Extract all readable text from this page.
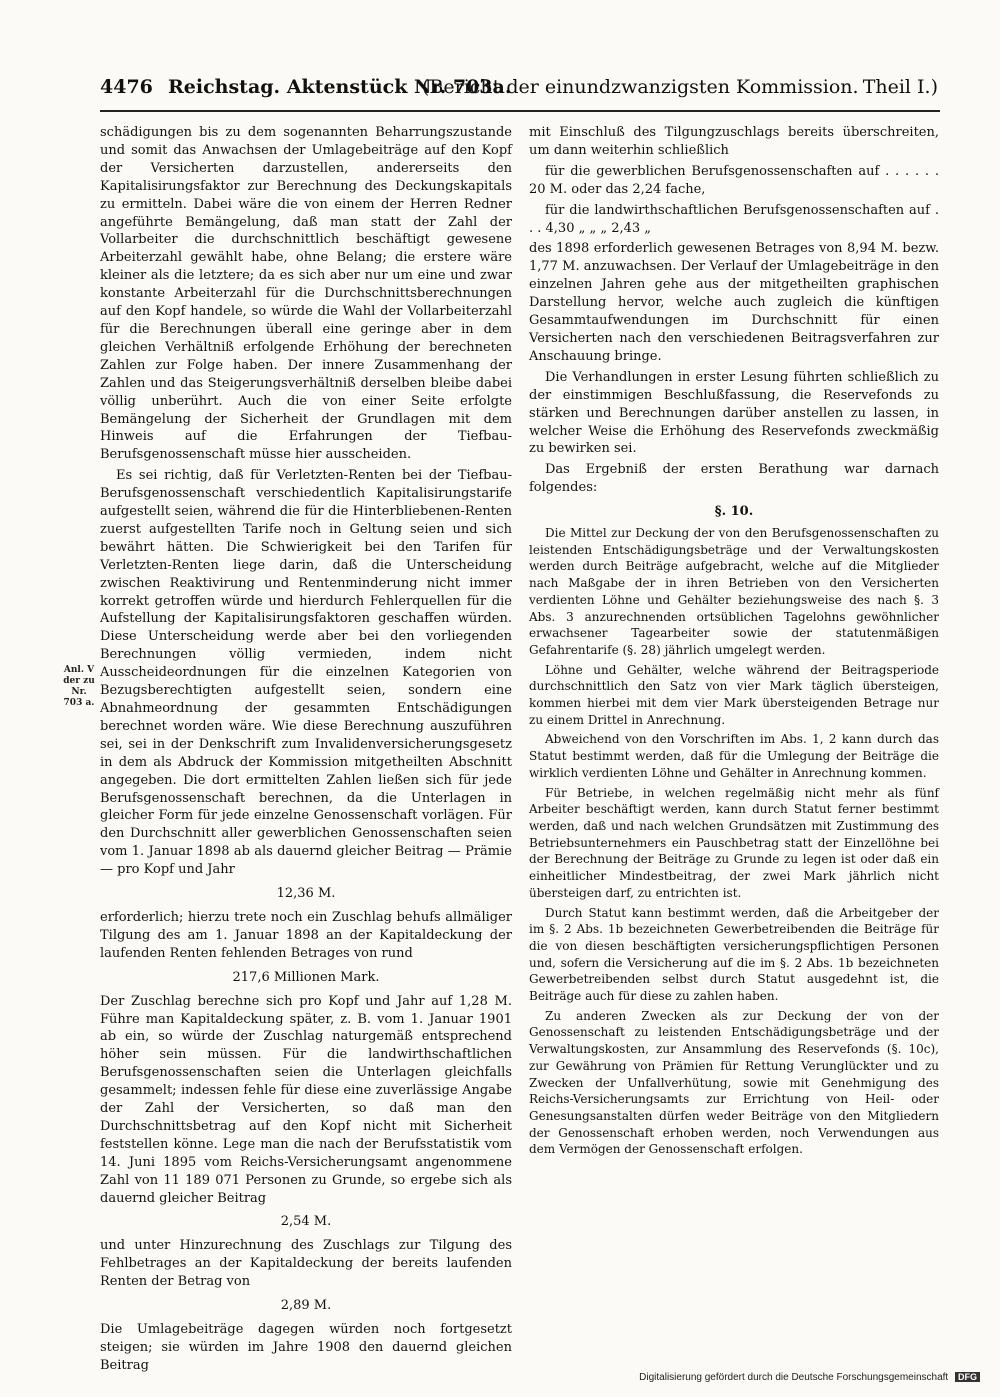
4476 Reichstag. Aktenstück Nr. 703a.(Bericht der einundzwanzigsten Kommission. Theil I.)

schädigungen bis zu dem sogenannten Beharrungszustande und somit das Anwachsen der Umlagebeiträge auf den Kopf der Versicherten darzustellen, andererseits den Kapitalisirungsfaktor zur Berechnung des Deckungskapitals zu ermitteln. Dabei wäre die von einem der Herren Redner angeführte Bemängelung, daß man statt der Zahl der Vollarbeiter die durchschnittlich beschäftigt gewesene Arbeiterzahl gewählt habe, ohne Belang; die erstere wäre kleiner als die letztere; da es sich aber nur um eine und zwar konstante Arbeiterzahl für die Durchschnittsberechnungen auf den Kopf handele, so würde die Wahl der Vollarbeiterzahl für die Berechnungen überall eine geringe aber in dem gleichen Verhältniß erfolgende Erhöhung der berechneten Zahlen zur Folge haben. Der innere Zusammenhang der Zahlen und das Steigerungsverhältniß derselben bleibe dabei völlig unberührt. Auch die von einer Seite erfolgte Bemängelung der Sicherheit der Grundlagen mit dem Hinweis auf die Erfahrungen der Tiefbau-Berufsgenossenschaft müsse hier ausscheiden.

Es sei richtig, daß für Verletzten-Renten bei der Tiefbau-Berufsgenossenschaft verschiedentlich Kapitalisirungstarife aufgestellt seien, während die für die Hinterbliebenen-Renten zuerst aufgestellten Tarife noch in Geltung seien und sich bewährt hätten. Die Schwierigkeit bei den Tarifen für Verletzten-Renten liege darin, daß die Unterscheidung zwischen Reaktivirung und Rentenminderung nicht immer korrekt getroffen würde und hierdurch Fehlerquellen für die Aufstellung der Kapitalisirungsfaktoren geschaffen würden. Diese Unterscheidung werde aber bei den vorliegenden Berechnungen völlig vermieden, indem nicht Ausscheideordnungen für die einzelnen Kategorien von Bezugsberechtigten aufgestellt seien, sondern eine Abnahmeordnung der gesammten Entschädigungen berechnet worden wäre. Wie diese Berechnung auszuführen sei, sei in der Denkschrift zum Invalidenversicherungsgesetz in dem als Abdruck der Kommission mitgetheilten Abschnitt angegeben. Die dort ermittelten Zahlen ließen sich für jede Berufsgenossenschaft berechnen, da die Unterlagen in gleicher Form für jede einzelne Genossenschaft vorlägen. Für den Durchschnitt aller gewerblichen Genossenschaften seien vom 1. Januar 1898 ab als dauernd gleicher Beitrag — Prämie — pro Kopf und Jahr

12,36 M.

erforderlich; hierzu trete noch ein Zuschlag behufs allmäliger Tilgung des am 1. Januar 1898 an der Kapitaldeckung der laufenden Renten fehlenden Betrages von rund

217,6 Millionen Mark.

Der Zuschlag berechne sich pro Kopf und Jahr auf 1,28 M. Führe man Kapitaldeckung später, z. B. vom 1. Januar 1901 ab ein, so würde der Zuschlag naturgemäß entsprechend höher sein müssen. Für die landwirthschaftlichen Berufsgenossenschaften seien die Unterlagen gleichfalls gesammelt; indessen fehle für diese eine zuverlässige Angabe der Zahl der Versicherten, so daß man den Durchschnittsbetrag auf den Kopf nicht mit Sicherheit feststellen könne. Lege man die nach der Berufsstatistik vom 14. Juni 1895 vom Reichs-Versicherungsamt angenommene Zahl von 11 189 071 Personen zu Grunde, so ergebe sich als dauernd gleicher Beitrag

2,54 M.

und unter Hinzurechnung des Zuschlags zur Tilgung des Fehlbetrages an der Kapitaldeckung der bereits laufenden Renten der Betrag von

2,89 M.

Die Umlagebeiträge dagegen würden noch fortgesetzt steigen; sie würden im Jahre 1908 den dauernd gleichen Beitrag

Anl. V der zu Nr. 703 a.

mit Einschluß des Tilgungzuschlags bereits überschreiten, um dann weiterhin schließlich

für die gewerblichen Berufsgenossenschaften auf . . . . . . 20 M. oder das 2,24 fache,

für die landwirthschaftlichen Berufsgenossenschaften auf . . . 4,30 „ „ „ 2,43 „

des 1898 erforderlich gewesenen Betrages von 8,94 M. bezw. 1,77 M. anzuwachsen. Der Verlauf der Umlagebeiträge in den einzelnen Jahren gehe aus der mitgetheilten graphischen Darstellung hervor, welche auch zugleich die künftigen Gesammtaufwendungen im Durchschnitt für einen Versicherten nach den verschiedenen Beitragsverfahren zur Anschauung bringe.

Die Verhandlungen in erster Lesung führten schließlich zu der einstimmigen Beschlußfassung, die Reservefonds zu stärken und Berechnungen darüber anstellen zu lassen, in welcher Weise die Erhöhung des Reservefonds zweckmäßig zu bewirken sei.

Das Ergebniß der ersten Berathung war darnach folgendes:

§. 10.

Die Mittel zur Deckung der von den Berufsgenossenschaften zu leistenden Entschädigungsbeträge und der Verwaltungskosten werden durch Beiträge aufgebracht, welche auf die Mitglieder nach Maßgabe der in ihren Betrieben von den Versicherten verdienten Löhne und Gehälter beziehungsweise des nach §. 3 Abs. 3 anzurechnenden ortsüblichen Tagelohns gewöhnlicher erwachsener Tagearbeiter sowie der statutenmäßigen Gefahrentarife (§. 28) jährlich umgelegt werden.

Löhne und Gehälter, welche während der Beitragsperiode durchschnittlich den Satz von vier Mark täglich übersteigen, kommen hierbei mit dem vier Mark übersteigenden Betrage nur zu einem Drittel in Anrechnung.

Abweichend von den Vorschriften im Abs. 1, 2 kann durch das Statut bestimmt werden, daß für die Umlegung der Beiträge die wirklich verdienten Löhne und Gehälter in Anrechnung kommen.

Für Betriebe, in welchen regelmäßig nicht mehr als fünf Arbeiter beschäftigt werden, kann durch Statut ferner bestimmt werden, daß und nach welchen Grundsätzen mit Zustimmung des Betriebsunternehmers ein Pauschbetrag statt der Einzellöhne bei der Berechnung der Beiträge zu Grunde zu legen ist oder daß ein einheitlicher Mindestbeitrag, der zwei Mark jährlich nicht übersteigen darf, zu entrichten ist.

Durch Statut kann bestimmt werden, daß die Arbeitgeber der im §. 2 Abs. 1b bezeichneten Gewerbetreibenden die Beiträge für die von diesen beschäftigten versicherungspflichtigen Personen und, sofern die Versicherung auf die im §. 2 Abs. 1b bezeichneten Gewerbetreibenden selbst durch Statut ausgedehnt ist, die Beiträge auch für diese zu zahlen haben.

Zu anderen Zwecken als zur Deckung der von der Genossenschaft zu leistenden Entschädigungsbeträge und der Verwaltungskosten, zur Ansammlung des Reservefonds (§. 10c), zur Gewährung von Prämien für Rettung Verunglückter und zu Zwecken der Unfallverhütung, sowie mit Genehmigung des Reichs-Versicherungsamts zur Errichtung von Heil- oder Genesungsanstalten dürfen weder Beiträge von den Mitgliedern der Genossenschaft erhoben werden, noch Verwendungen aus dem Vermögen der Genossenschaft erfolgen.

Digitalisierung gefördert durch die Deutsche Forschungsgemeinschaft DFG
